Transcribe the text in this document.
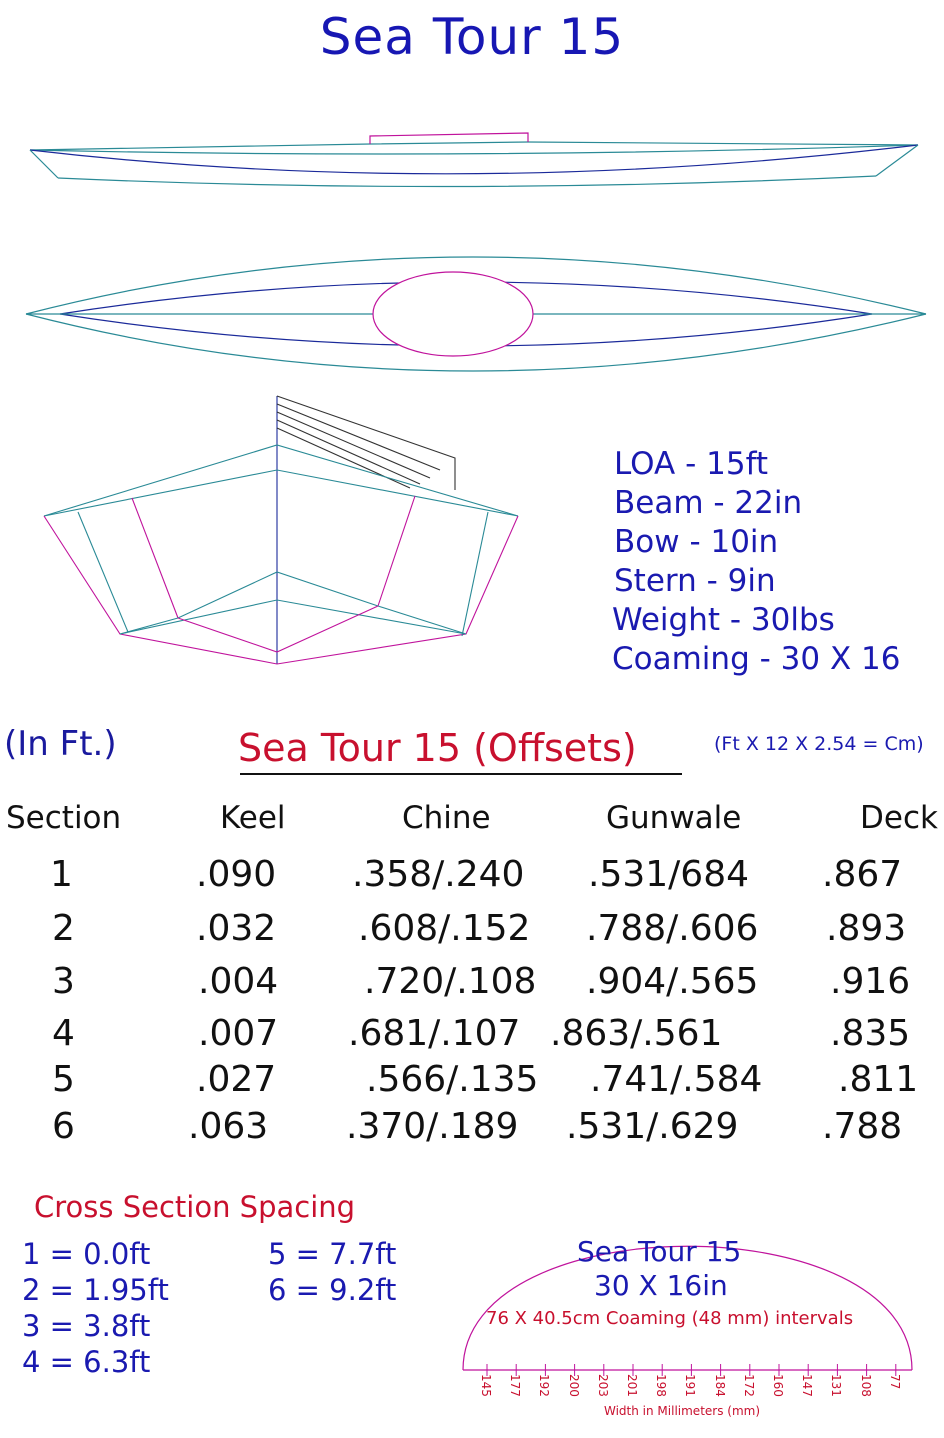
Sea Tour 15
LOA - 15ft
Beam - 22in
Bow - 10in
Stern - 9in
Weight - 30lbs
Coaming - 30 X 16
(In Ft.)	Sea Tour 15 (Offsets)	(Ft X 12 X 2.54 = Cm)
Section	Keel	Chine	Gunwale	Deck
1	.090 .358/.240 .531/684 .867
2	.032 .608/.152 .788/.606 .893
3	.004 .720/.108 .904/.565 .916
4	.007 .681/.107 .863/.561	.835
5	.027 .566/.135 .741/.584 .811
6	.063 .370/.189 .531/.629 .788
Cross Section Spacing
1 = 0.0ft
2 = 1.95ft
3 = 3.8ft
4 = 6.3ft
5 = 7.7ft
6 = 9.2ft
Sea Tour 15
30 X 16in
76 X 40.5cm Coaming (48 mm) intervals
145 177 192 200 203 201 198 191 184 172 160 147 131 108 77
Width in Millimeters (mm)
